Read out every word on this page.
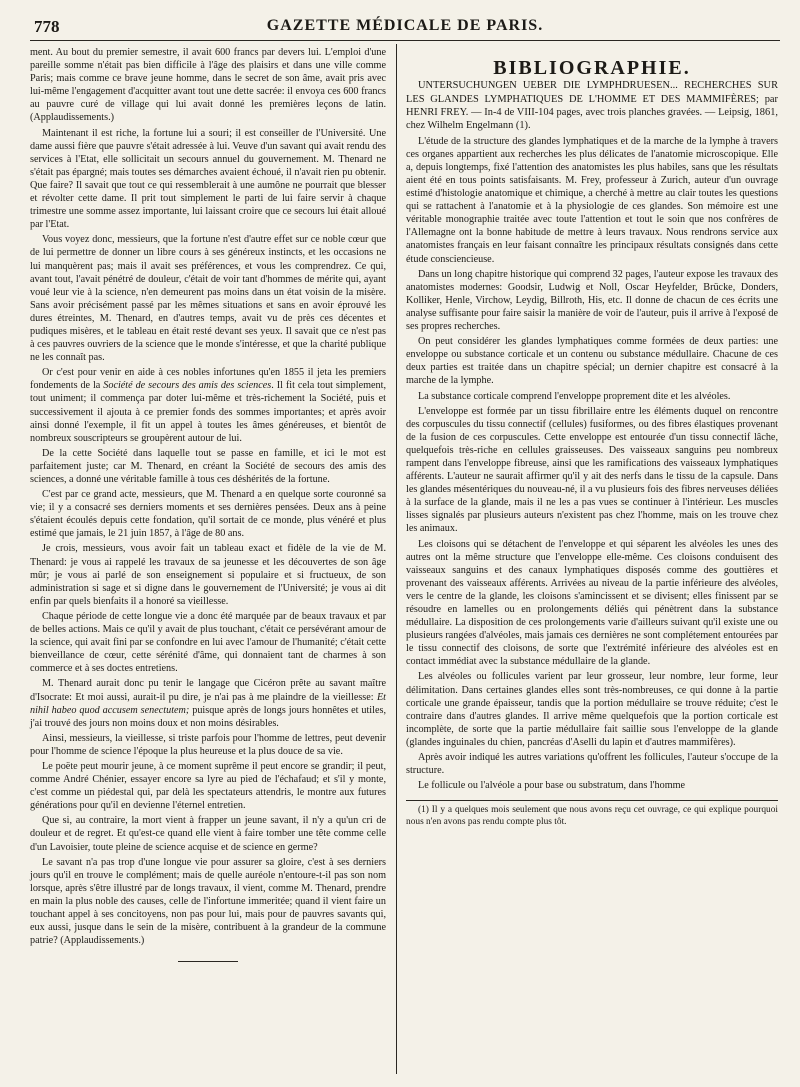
778	GAZETTE MÉDICALE DE PARIS.

ment. Au bout du premier semestre, il avait 600 francs par devers lui. L'emploi d'une pareille somme n'était pas bien difficile à l'âge des plaisirs et dans une ville comme Paris; mais comme ce brave jeune homme, dans le secret de son âme, avait pris avec lui-même l'engagement d'acquitter avant tout une dette sacrée: il envoya ces 600 francs au pauvre curé de village qui lui avait donné les premières leçons de latin. (Applaudissements.)

Maintenant il est riche, la fortune lui a souri; il est conseiller de l'Université. Une dame aussi fière que pauvre s'était adressée à lui. Veuve d'un savant qui avait rendu des services à l'Etat, elle sollicitait un secours annuel du gouvernement. M. Thenard ne s'était pas épargné; mais toutes ses démarches avaient échoué, il n'avait rien pu obtenir. Que faire? Il savait que tout ce qui ressemblerait à une aumône ne pourrait que blesser et révolter cette dame. Il prit tout simplement le parti de lui faire servir à chaque trimestre une somme assez importante, lui laissant croire que ce secours lui était alloué par l'Etat.

Vous voyez donc, messieurs, que la fortune n'est d'autre effet sur ce noble cœur que de lui permettre de donner un libre cours à ses généreux instincts, et les occasions ne lui manquèrent pas; mais il avait ses préférences, et vous les comprendrez. Ce qui, avant tout, l'avait pénétré de douleur, c'était de voir tant d'hommes de mérite qui, ayant voué leur vie à la science, n'en demeurent pas moins dans un état voisin de la misère. Sans avoir précisément passé par les mêmes situations et sans en avoir éprouvé les dures étreintes, M. Thenard, en d'autres temps, avait vu de près ces décentes et pudiques misères, et le tableau en était resté devant ses yeux. Il savait que ce n'est pas à ces pauvres ouvriers de la science que le monde s'intéresse, et que la charité publique ne les connaît pas.

Or c'est pour venir en aide à ces nobles infortunes qu'en 1855 il jeta les premiers fondements de la Société de secours des amis des sciences. Il fit cela tout simplement, tout uniment; il commença par doter lui-même et très-richement la Société, puis et successivement il ajouta à ce premier fonds des sommes importantes; et après avoir ainsi donné l'exemple, il fit un appel à toutes les âmes généreuses, et bientôt de nombreux souscripteurs se groupèrent autour de lui.

De la cette Société dans laquelle tout se passe en famille, et ici le mot est parfaitement juste; car M. Thenard, en créant la Société de secours des amis des sciences, a donné une véritable famille à tous ces déshérités de la fortune.

C'est par ce grand acte, messieurs, que M. Thenard a en quelque sorte couronné sa vie; il y a consacré ses derniers moments et ses dernières pensées. Deux ans à peine s'étaient écoulés depuis cette fondation, qu'il sortait de ce monde, plus vénéré et plus estimé que jamais, le 21 juin 1857, à l'âge de 80 ans.

Je crois, messieurs, vous avoir fait un tableau exact et fidèle de la vie de M. Thenard: je vous ai rappelé les travaux de sa jeunesse et les découvertes de son âge mûr; je vous ai parlé de son enseignement si populaire et si fructueux, de son administration si sage et si digne dans le gouvernement de l'Université; je vous ai dit enfin par quels bienfaits il a honoré sa vieillesse.

Chaque période de cette longue vie a donc été marquée par de beaux travaux et par de belles actions. Mais ce qu'il y avait de plus touchant, c'était ce persévérant amour de la science, qui avait fini par se confondre en lui avec l'amour de l'humanité; c'était cette bienveillance de cœur, cette sérénité d'âme, qui donnaient tant de charmes à son commerce et à ses doctes entretiens.

M. Thenard aurait donc pu tenir le langage que Cicéron prête au savant maître d'Isocrate: Et moi aussi, aurait-il pu dire, je n'ai pas à me plaindre de la vieillesse: Et nihil habeo quod accusem senectutem; puisque après de longs jours honnêtes et utiles, j'ai trouvé des jours non moins doux et non moins désirables.

Ainsi, messieurs, la vieillesse, si triste parfois pour l'homme de lettres, peut devenir pour l'homme de science l'époque la plus heureuse et la plus douce de sa vie.

Le poëte peut mourir jeune, à ce moment suprême il peut encore se grandir; il peut, comme André Chénier, essayer encore sa lyre au pied de l'échafaud; et s'il y monte, c'est comme un piédestal qui, par delà les spectateurs attendris, le montre aux futures générations pour qu'il en devienne l'éternel entretien.

Que si, au contraire, la mort vient à frapper un jeune savant, il n'y a qu'un cri de douleur et de regret. Et qu'est-ce quand elle vient à faire tomber une tête comme celle d'un Lavoisier, toute pleine de science acquise et de science en germe?

Le savant n'a pas trop d'une longue vie pour assurer sa gloire, c'est à ses derniers jours qu'il en trouve le complément; mais de quelle auréole n'entoure-t-il pas son nom lorsque, après s'être illustré par de longs travaux, il vient, comme M. Thenard, prendre en main la plus noble des causes, celle de l'infortune immeritée; quand il vient faire un touchant appel à ses concitoyens, non pas pour lui, mais pour de pauvres savants qui, eux aussi, jusque dans le sein de la misère, contribuent à la grandeur de la commune patrie? (Applaudissements.)

BIBLIOGRAPHIE.

UNTERSUCHUNGEN UEBER DIE LYMPHDRUESEN... RECHERCHES SUR LES GLANDES LYMPHATIQUES DE L'HOMME ET DES MAMMIFÈRES; par HENRI FREY. — In-4 de VIII-104 pages, avec trois planches gravées. — Leipsig, 1861, chez Wilhelm Engelmann (1).

L'étude de la structure des glandes lymphatiques et de la marche de la lymphe à travers ces organes appartient aux recherches les plus délicates de l'anatomie microscopique. Elle a, depuis longtemps, fixé l'attention des anatomistes les plus habiles, sans que les résultats aient été en tous points satisfaisants. M. Frey, professeur à Zurich, auteur d'un ouvrage estimé d'histologie anatomique et chimique, a cherché à mettre au clair toutes les questions qui se rattachent à l'anatomie et à la physiologie de ces glandes. Son mémoire est une véritable monographie traitée avec toute l'attention et tout le soin que nos confrères de l'Allemagne ont la bonne habitude de mettre à leurs travaux. Nous rendrons service aux anatomistes français en leur faisant connaître les principaux résultats consignés dans cette étude consciencieuse.

Dans un long chapitre historique qui comprend 32 pages, l'auteur expose les travaux des anatomistes modernes: Goodsir, Ludwig et Noll, Oscar Heyfelder, Brücke, Donders, Kolliker, Henle, Virchow, Leydig, Billroth, His, etc. Il donne de chacun de ces écrits une analyse suffisante pour faire saisir la manière de voir de l'auteur, puis il arrive à l'exposé de ses propres recherches.

On peut considérer les glandes lymphatiques comme formées de deux parties: une enveloppe ou substance corticale et un contenu ou substance médullaire. Chacune de ces deux parties est traitée dans un chapitre spécial; un dernier chapitre est consacré à la marche de la lymphe.

La substance corticale comprend l'enveloppe proprement dite et les alvéoles.

L'enveloppe est formée par un tissu fibrillaire entre les éléments duquel on rencontre des corpuscules du tissu connectif (cellules) fusiformes, ou des fibres élastiques provenant de la fusion de ces corpuscules. Cette enveloppe est entourée d'un tissu connectif lâche, quelquefois très-riche en cellules graisseuses. Des vaisseaux sanguins peu nombreux rampent dans l'enveloppe fibreuse, ainsi que les ramifications des vaisseaux lymphatiques afférents. L'auteur ne saurait affirmer qu'il y ait des nerfs dans le tissu de la capsule. Dans les glandes mésentériques du nouveau-né, il a vu plusieurs fois des fibres nerveuses déliées à la surface de la glande, mais il ne les a pas vues se continuer à l'intérieur. Les muscles lisses signalés par plusieurs auteurs n'existent pas chez l'homme, mais on les trouve chez les animaux.

Les cloisons qui se détachent de l'enveloppe et qui séparent les alvéoles les unes des autres ont la même structure que l'enveloppe elle-même. Ces cloisons conduisent des vaisseaux sanguins et des canaux lymphatiques disposés comme des gouttières et provenant des vaisseaux afférents. Arrivées au niveau de la partie inférieure des alvéoles, vers le centre de la glande, les cloisons s'amincissent et se divisent; elles finissent par se résoudre en lamelles ou en prolongements déliés qui pénètrent dans la substance médullaire. La disposition de ces prolongements varie d'ailleurs suivant qu'il existe une ou plusieurs rangées d'alvéoles, mais jamais ces dernières ne sont complétement entourées par le tissu connectif des cloisons, de sorte que l'extrémité inférieure des alvéoles est en contact immédiat avec la substance médullaire de la glande.

Les alvéoles ou follicules varient par leur grosseur, leur nombre, leur forme, leur délimitation. Dans certaines glandes elles sont très-nombreuses, ce qui donne à la partie corticale une grande épaisseur, tandis que la portion médullaire se trouve réduite; c'est le contraire dans d'autres glandes. Il arrive même quelquefois que la portion corticale est incomplète, de sorte que la partie médullaire fait saillie sous l'enveloppe de la glande (glandes inguinales du chien, pancréas d'Aselli du lapin et d'autres mammifères).

Après avoir indiqué les autres variations qu'offrent les follicules, l'auteur s'occupe de la structure.

Le follicule ou l'alvéole a pour base ou substratum, dans l'homme

(1) Il y a quelques mois seulement que nous avons reçu cet ouvrage, ce qui explique pourquoi nous n'en avons pas rendu compte plus tôt.
